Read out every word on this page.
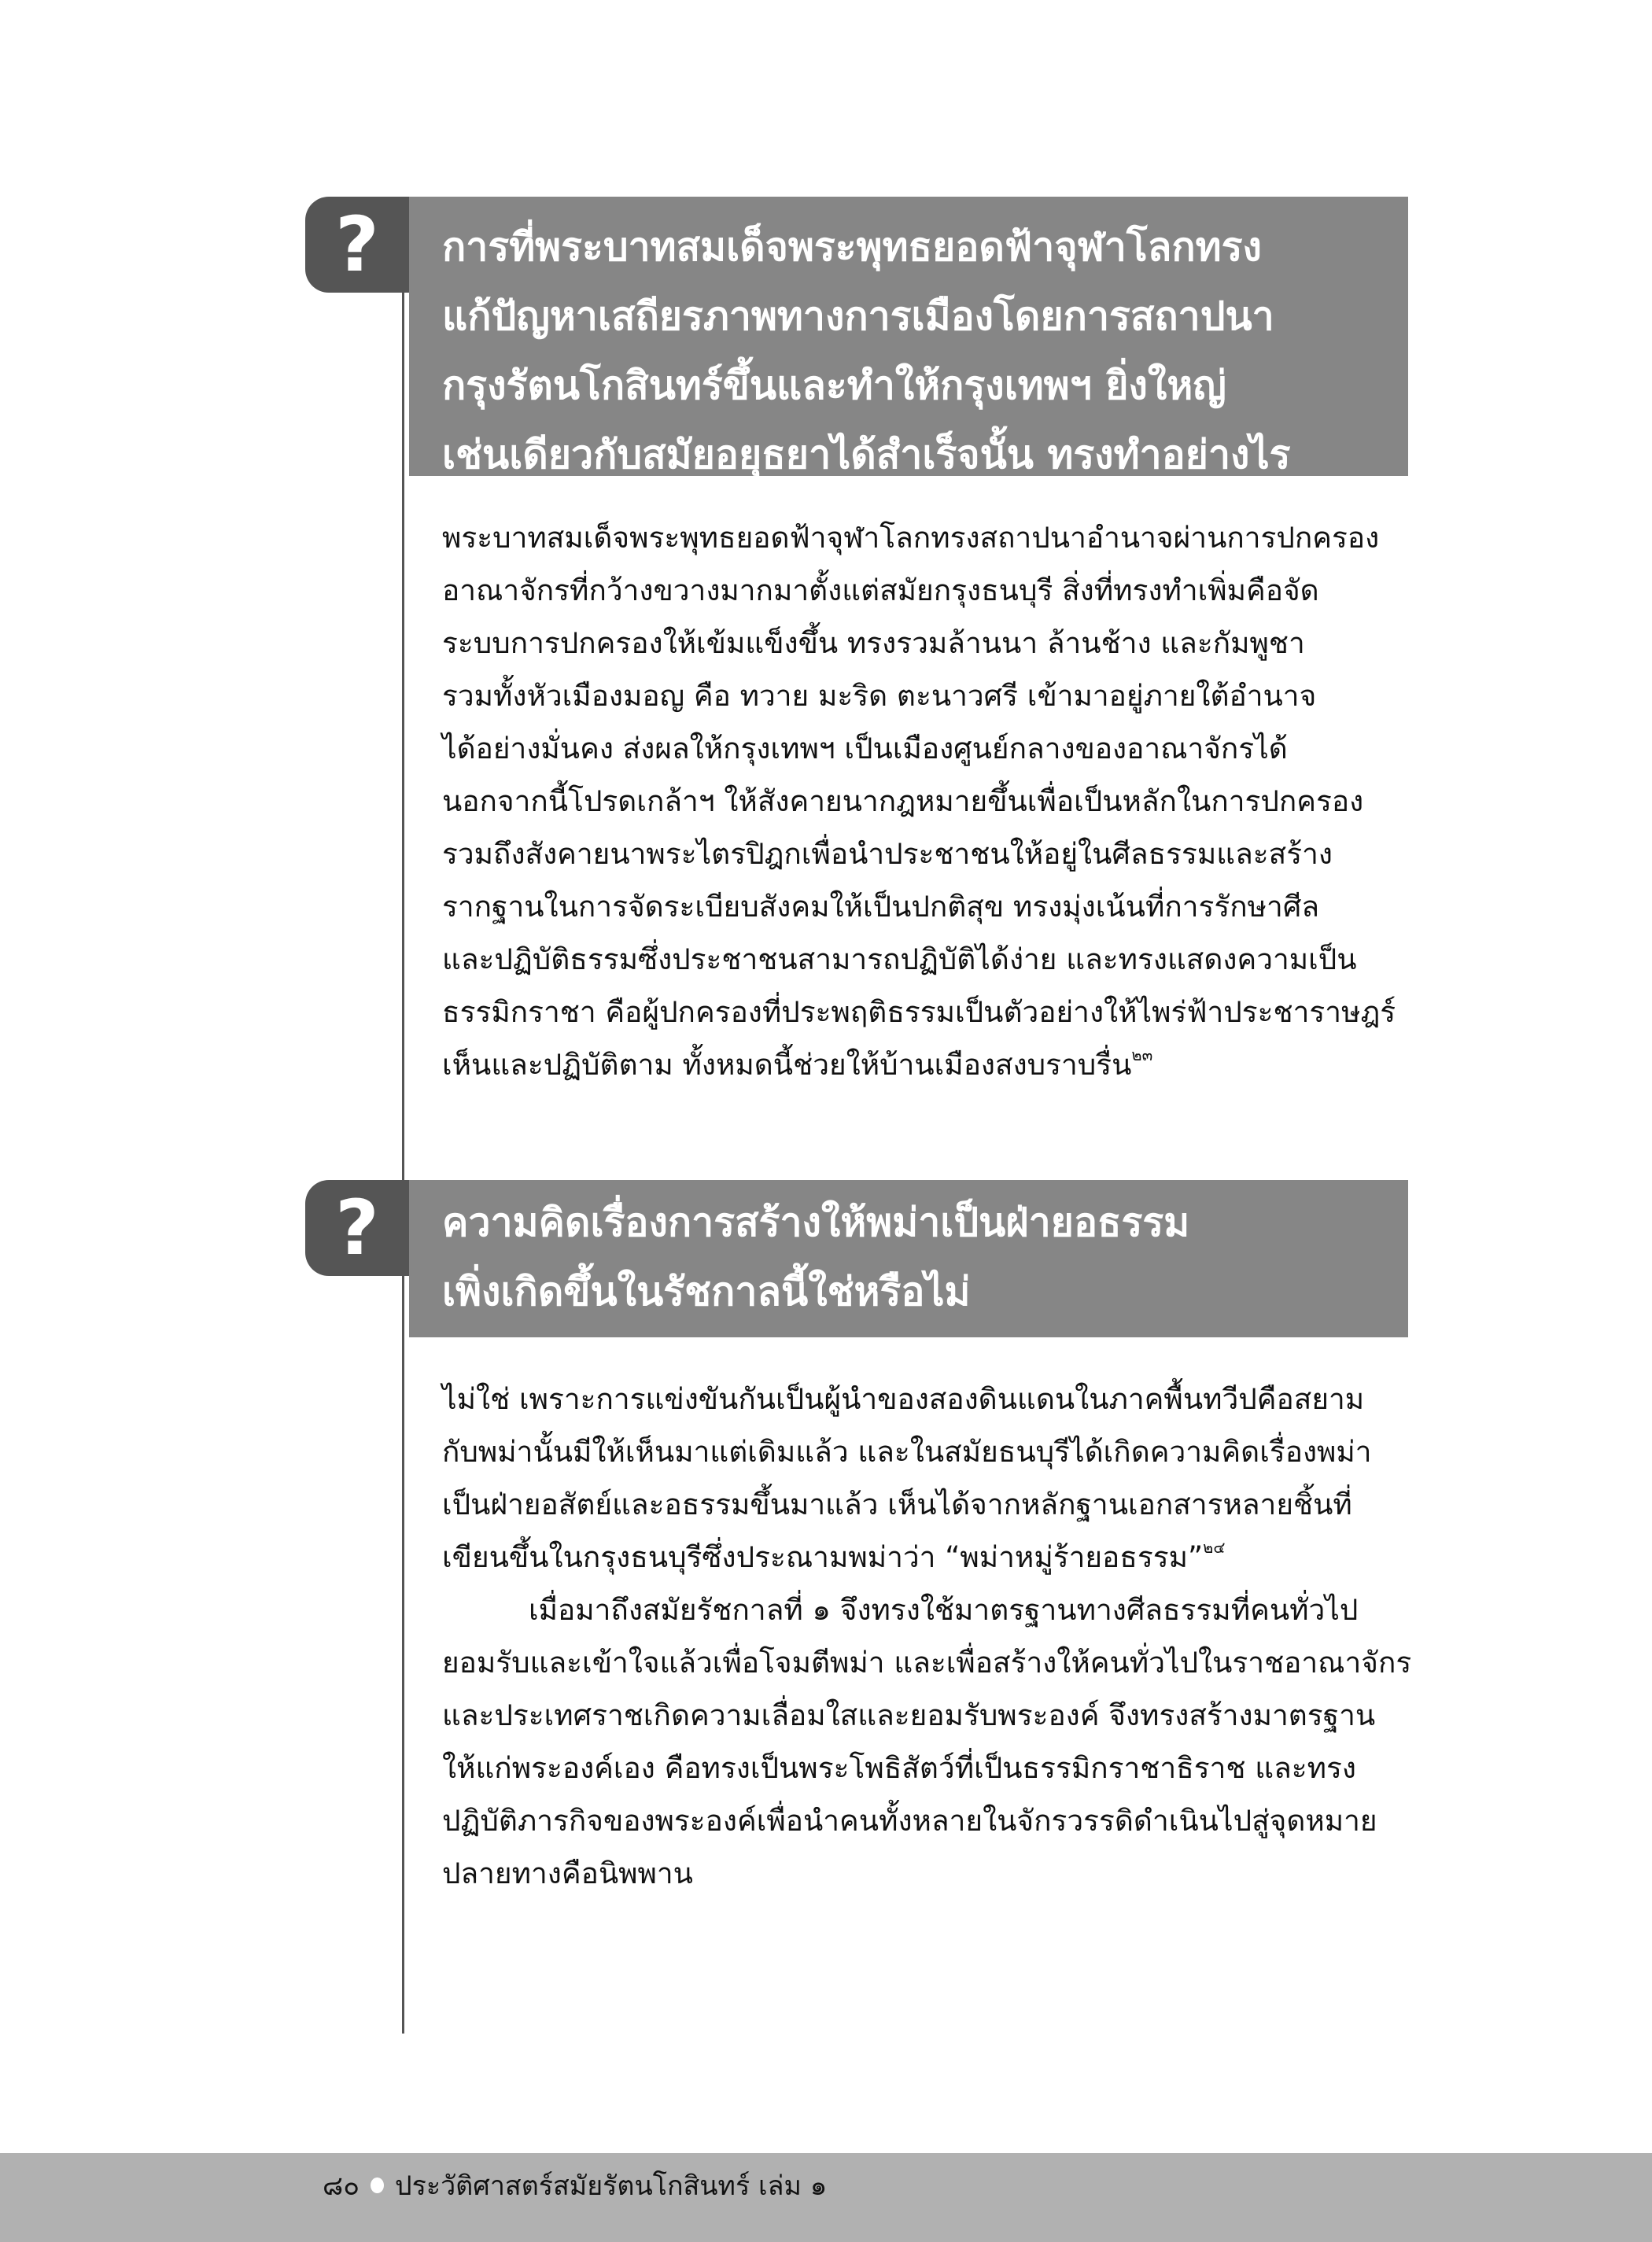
?	การที่พระบาทสมเด็จพระพุทธยอดฟ้าจุฬาโลกทรง
แก้ปัญหาเสถียรภาพทางการเมืองโดยการสถาปนา
กรุงรัตนโกสินทร์ขึ้นและทำให้กรุงเทพฯ ยิ่งใหญ่
เช่นเดียวกับสมัยอยุธยาได้สำเร็จนั้น ทรงทำอย่างไร
พระบาทสมเด็จพระพุทธยอดฟ้าจุฬาโลกทรงสถาปนาอำนาจผ่านการปกครอง
อาณาจักรที่กว้างขวางมากมาตั้งแต่สมัยกรุงธนบุรี สิ่งที่ทรงทำเพิ่มคือจัด
ระบบการปกครองให้เข้มแข็งขึ้น ทรงรวมล้านนา ล้านช้าง และกัมพูชา
รวมทั้งหัวเมืองมอญ คือ ทวาย มะริด ตะนาวศรี เข้ามาอยู่ภายใต้อำนาจ
ได้อย่างมั่นคง ส่งผลให้กรุงเทพฯ เป็นเมืองศูนย์กลางของอาณาจักรได้
นอกจากนี้โปรดเกล้าฯ ให้สังคายนากฎหมายขึ้นเพื่อเป็นหลักในการปกครอง
รวมถึงสังคายนาพระไตรปิฎกเพื่อนำประชาชนให้อยู่ในศีลธรรมและสร้าง
รากฐานในการจัดระเบียบสังคมให้เป็นปกติสุข ทรงมุ่งเน้นที่การรักษาศีล
และปฏิบัติธรรมซึ่งประชาชนสามารถปฏิบัติได้ง่าย และทรงแสดงความเป็น
ธรรมิกราชา คือผู้ปกครองที่ประพฤติธรรมเป็นตัวอย่างให้ไพร่ฟ้าประชาราษฎร์
เห็นและปฏิบัติตาม ทั้งหมดนี้ช่วยให้บ้านเมืองสงบราบรื่น$^{๒๓}$
?	ความคิดเรื่องการสร้างให้พม่าเป็นฝ่ายอธรรม
เพิ่งเกิดขึ้นในรัชกาลนี้ใช่หรือไม่
ไม่ใช่ เพราะการแข่งขันกันเป็นผู้นำของสองดินแดนในภาคพื้นทวีปคือสยาม
กับพม่านั้นมีให้เห็นมาแต่เดิมแล้ว และในสมัยธนบุรีได้เกิดความคิดเรื่องพม่า
เป็นฝ่ายอสัตย์และอธรรมขึ้นมาแล้ว เห็นได้จากหลักฐานเอกสารหลายชิ้นที่
เขียนขึ้นในกรุงธนบุรีซึ่งประณามพม่าว่า “พม่าหมู่ร้ายอธรรม”$^{๒๔}$
เมื่อมาถึงสมัยรัชกาลที่ ๑ จึงทรงใช้มาตรฐานทางศีลธรรมที่คนทั่วไป
ยอมรับและเข้าใจแล้วเพื่อโจมตีพม่า และเพื่อสร้างให้คนทั่วไปในราชอาณาจักร
และประเทศราชเกิดความเลื่อมใสและยอมรับพระองค์ จึงทรงสร้างมาตรฐาน
ให้แก่พระองค์เอง คือทรงเป็นพระโพธิสัตว์ที่เป็นธรรมิกราชาธิราช และทรง
ปฏิบัติภารกิจของพระองค์เพื่อนำคนทั้งหลายในจักรวรรดิดำเนินไปสู่จุดหมาย
ปลายทางคือนิพพาน
๘๐ ประวัติศาสตร์สมัยรัตนโกสินทร์ เล่ม ๑
